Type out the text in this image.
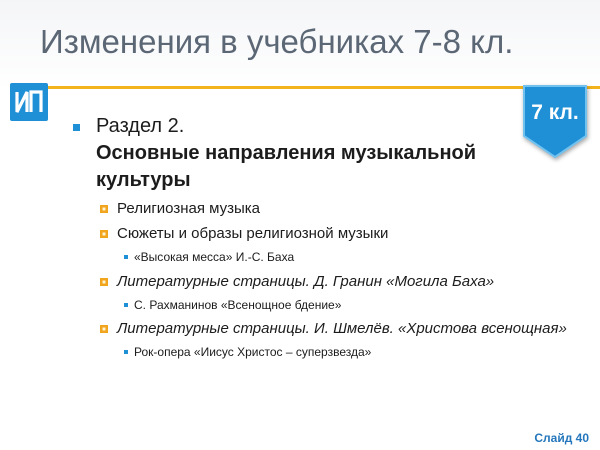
Изменения в учебниках 7-8 кл.
7 кл.
Раздел 2.
Основные направления музыкальной
культуры
Религиозная музыка
Сюжеты и образы религиозной музыки
«Высокая месса» И.-С. Баха
Литературные страницы. Д. Гранин «Могила Баха»
С. Рахманинов «Всенощное бдение»
Литературные страницы. И. Шмелёв. «Христова всенощная»
Рок-опера «Иисус Христос – суперзвезда»
Слайд 40
